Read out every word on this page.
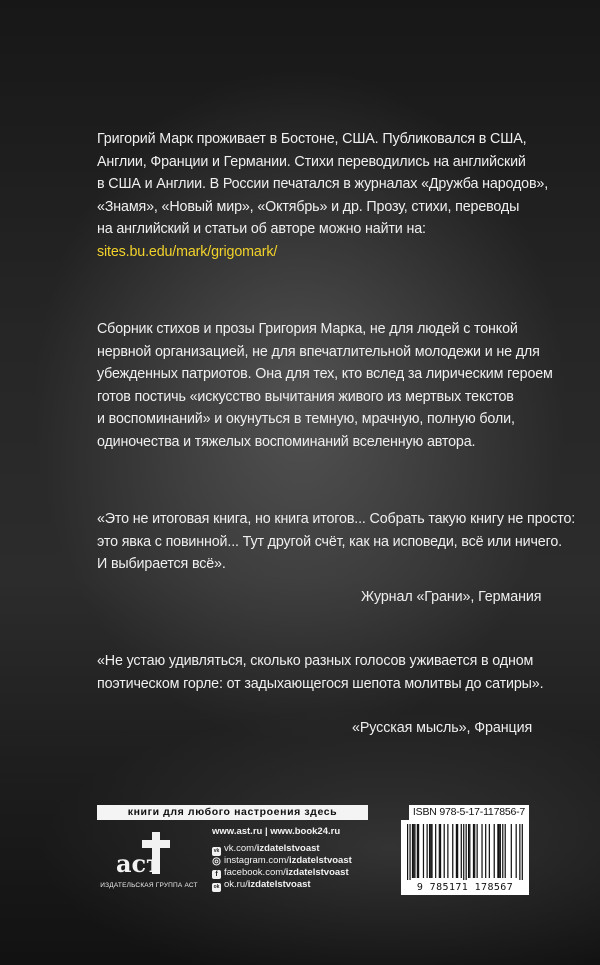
Григорий Марк проживает в Бостоне, США. Публиковался в США,
Англии, Франции и Германии. Стихи переводились на английский
в США и Англии. В России печатался в журналах «Дружба народов»,
«Знамя», «Новый мир», «Октябрь» и др. Прозу, стихи, переводы
на английский и статьи об авторе можно найти на:
sites.bu.edu/mark/grigomark/
Сборник стихов и прозы Григория Марка, не для людей с тонкой
нервной организацией, не для впечатлительной молодежи и не для
убежденных патриотов. Она для тех, кто вслед за лирическим героем
готов постичь «искусство вычитания живого из мертвых текстов
и воспоминаний» и окунуться в темную, мрачную, полную боли,
одиночества и тяжелых воспоминаний вселенную автора.
«Это не итоговая книга, но книга итогов... Собрать такую книгу не просто:
это явка с повинной... Тут другой счёт, как на исповеди, всё или ничего.
И выбирается всё».
Журнал «Грани», Германия
«Не устаю удивляться, сколько разных голосов уживается в одном
поэтическом горле: от задыхающегося шепота молитвы до сатиры».
«Русская мысль», Франция
книги для любого настроения здесь
аст
ИЗДАТЕЛЬСКАЯ ГРУППА АСТ
www.ast.ru | www.book24.ru
vk vk.com/izdatelstvoast
◎ instagram.com/izdatelstvoast
f facebook.com/izdatelstvoast
ok ok.ru/izdatelstvoast
ISBN 978-5-17-117856-7
9 785171 178567
